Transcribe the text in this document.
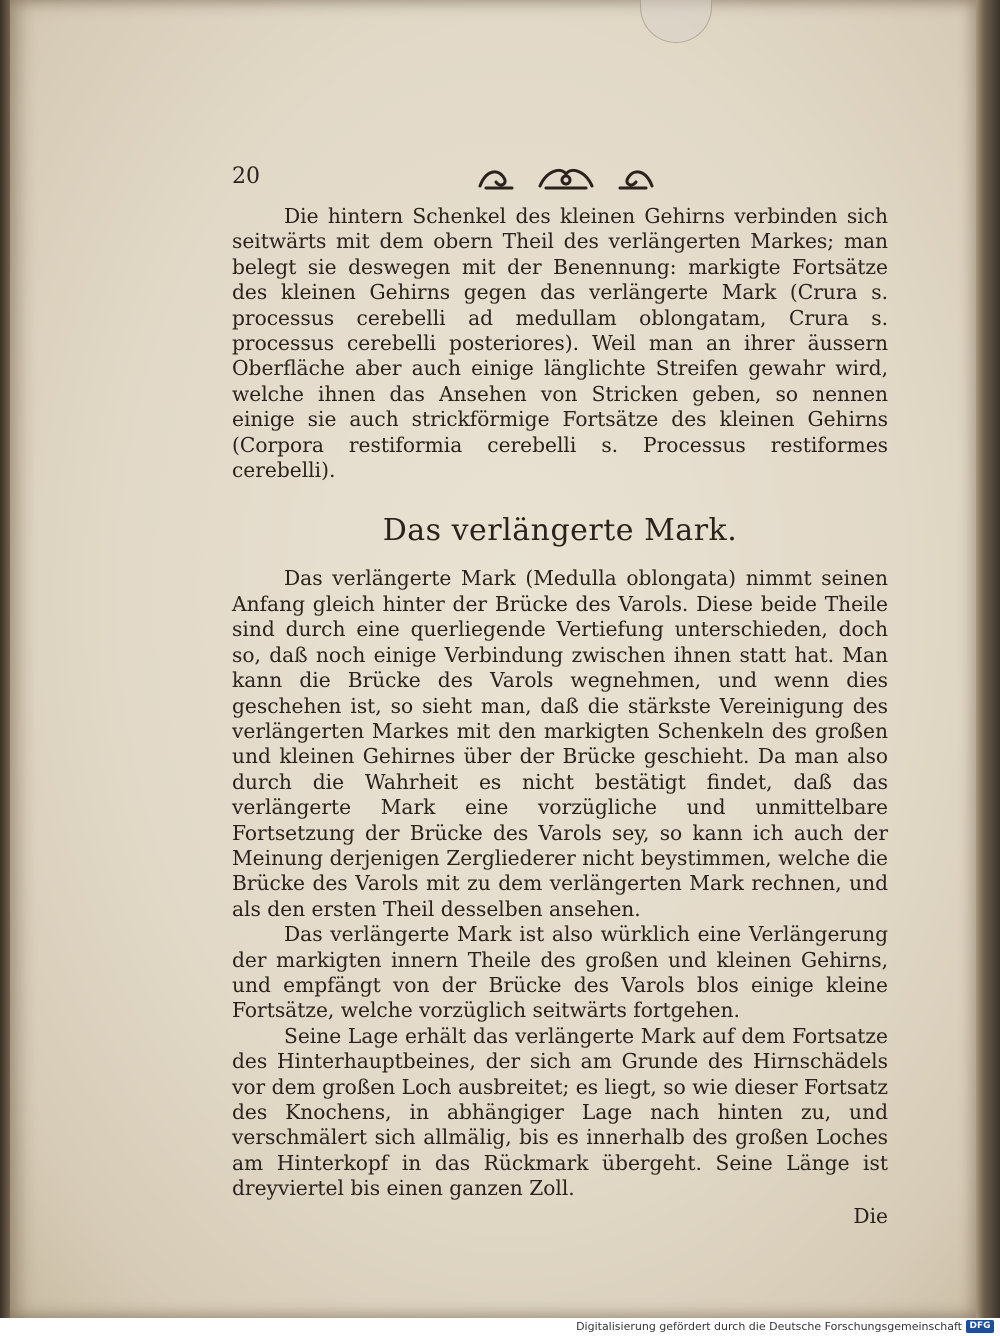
20

Die hintern Schenkel des kleinen Gehirns verbinden sich seitwärts mit dem obern Theil des verlängerten Markes; man belegt sie deswegen mit der Benennung: markigte Fortsätze des kleinen Gehirns gegen das verlängerte Mark (Crura s. processus cerebelli ad medullam oblongatam, Crura s. processus cerebelli posteriores). Weil man an ihrer äussern Oberfläche aber auch einige länglichte Streifen gewahr wird, welche ihnen das Ansehen von Stricken geben, so nennen einige sie auch strickförmige Fortsätze des kleinen Gehirns (Corpora restiformia cerebelli s. Processus restiformes cerebelli).

Das verlängerte Mark.

Das verlängerte Mark (Medulla oblongata) nimmt seinen Anfang gleich hinter der Brücke des Varols. Diese beide Theile sind durch eine querliegende Vertiefung unterschieden, doch so, daß noch einige Verbindung zwischen ihnen statt hat. Man kann die Brücke des Varols wegnehmen, und wenn dies geschehen ist, so sieht man, daß die stärkste Vereinigung des verlängerten Markes mit den markigten Schenkeln des großen und kleinen Gehirnes über der Brücke geschieht. Da man also durch die Wahrheit es nicht bestätigt findet, daß das verlängerte Mark eine vorzügliche und unmittelbare Fortsetzung der Brücke des Varols sey, so kann ich auch der Meinung derjenigen Zergliederer nicht beystimmen, welche die Brücke des Varols mit zu dem verlängerten Mark rechnen, und als den ersten Theil desselben ansehen.

Das verlängerte Mark ist also würklich eine Verlängerung der markigten innern Theile des großen und kleinen Gehirns, und empfängt von der Brücke des Varols blos einige kleine Fortsätze, welche vorzüglich seitwärts fortgehen.

Seine Lage erhält das verlängerte Mark auf dem Fortsatze des Hinterhauptbeines, der sich am Grunde des Hirnschädels vor dem großen Loch ausbreitet; es liegt, so wie dieser Fortsatz des Knochens, in abhängiger Lage nach hinten zu, und verschmälert sich allmälig, bis es innerhalb des großen Loches am Hinterkopf in das Rückmark übergeht. Seine Länge ist dreyviertel bis einen ganzen Zoll.

Die
Digitalisierung gefördert durch die Deutsche Forschungsgemeinschaft DFG
